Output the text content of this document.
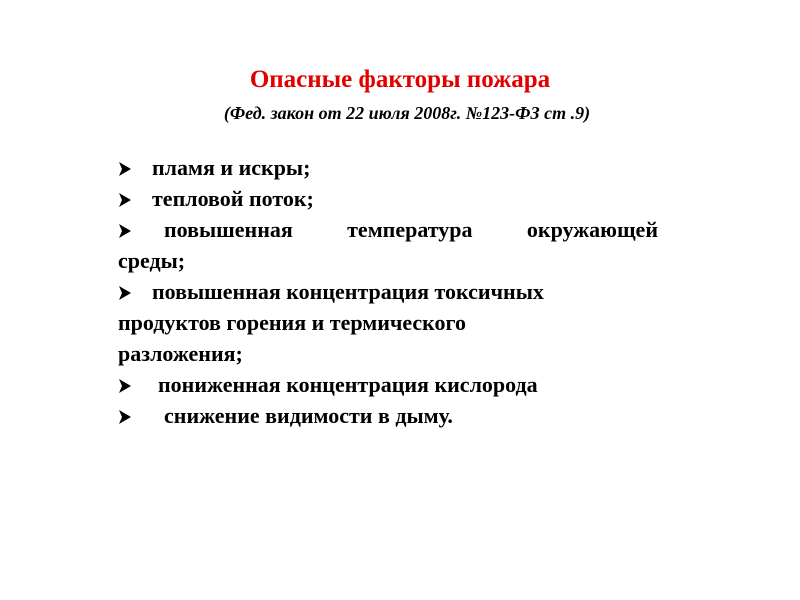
Опасные факторы пожара
(Фед. закон от 22 июля 2008г. №123-ФЗ ст .9)
пламя и искры;
тепловой поток;
повышенная температура окружающей
среды;
повышенная концентрация токсичных
продуктов горения и термического
разложения;
пониженная концентрация кислорода
снижение видимости в дыму.
